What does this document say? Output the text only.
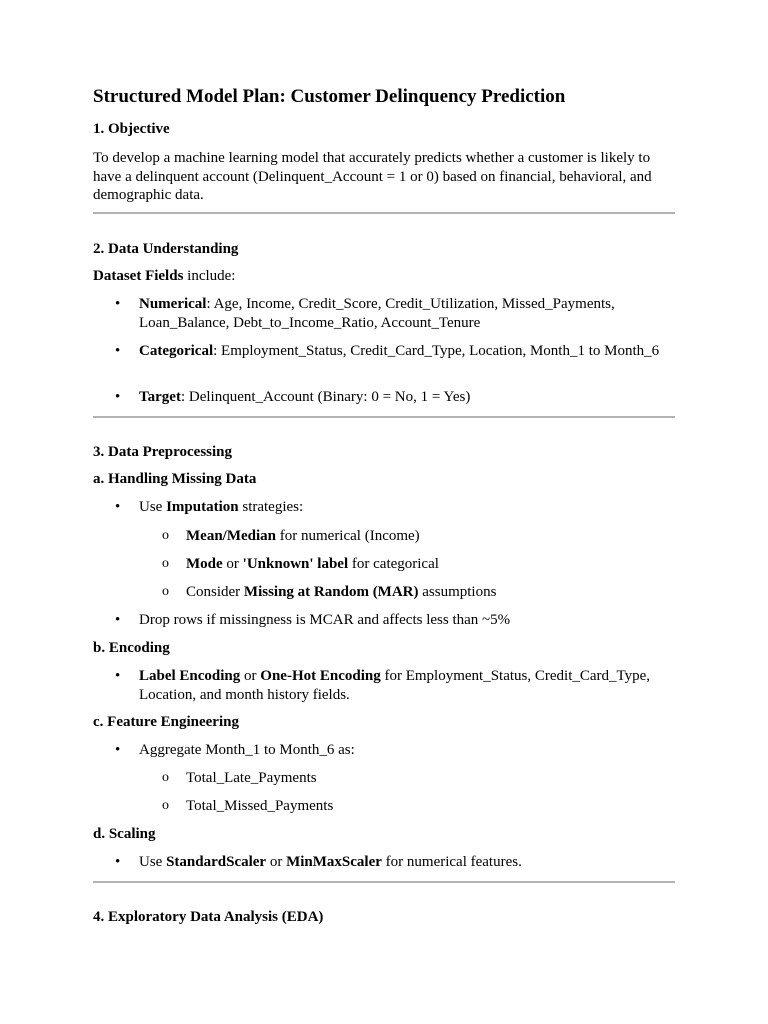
Structured Model Plan: Customer Delinquency Prediction
1. Objective
To develop a machine learning model that accurately predicts whether a customer is likely to have a delinquent account (Delinquent_Account = 1 or 0) based on financial, behavioral, and demographic data.
2. Data Understanding
Dataset Fields include:
• Numerical: Age, Income, Credit_Score, Credit_Utilization, Missed_Payments, Loan_Balance, Debt_to_Income_Ratio, Account_Tenure
• Categorical: Employment_Status, Credit_Card_Type, Location, Month_1 to Month_6
• Target: Delinquent_Account (Binary: 0 = No, 1 = Yes)
3. Data Preprocessing
a. Handling Missing Data
• Use Imputation strategies:
o Mean/Median for numerical (Income)
o Mode or 'Unknown' label for categorical
o Consider Missing at Random (MAR) assumptions
• Drop rows if missingness is MCAR and affects less than ~5%
b. Encoding
• Label Encoding or One-Hot Encoding for Employment_Status, Credit_Card_Type, Location, and month history fields.
c. Feature Engineering
• Aggregate Month_1 to Month_6 as:
o Total_Late_Payments
o Total_Missed_Payments
d. Scaling
• Use StandardScaler or MinMaxScaler for numerical features.
4. Exploratory Data Analysis (EDA)
